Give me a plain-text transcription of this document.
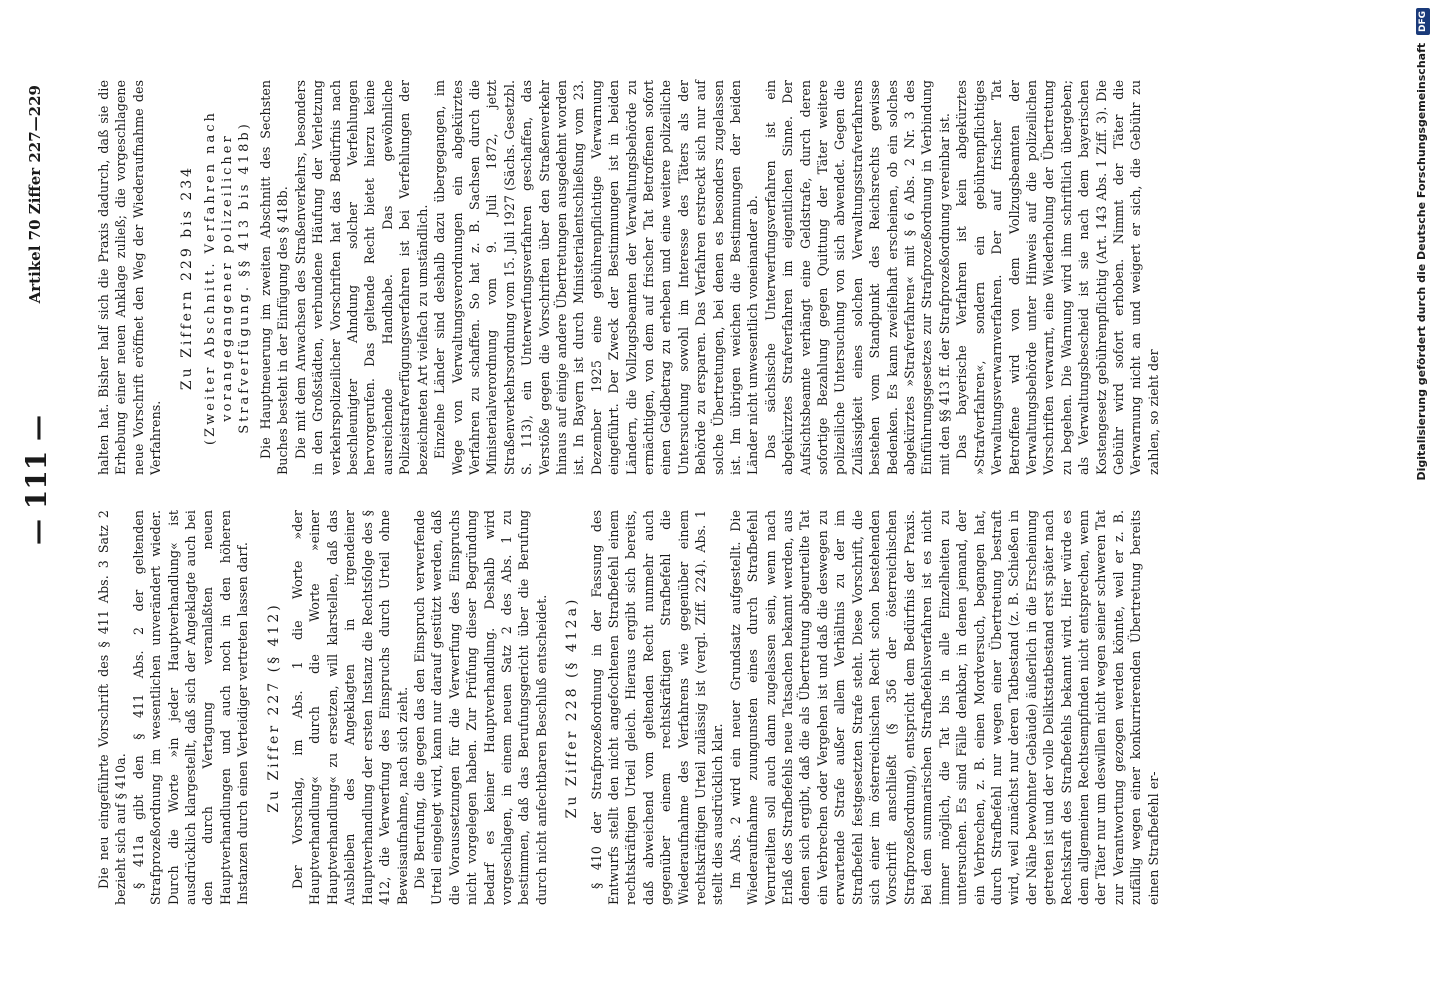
— 111 —
Artikel 70 Ziffer 227—229

Die neu eingeführte Vorschrift des § 411 Abs. 3 Satz 2 bezieht sich auf § 410a. § 411a gibt den § 411 Abs. 2 der geltenden Strafprozeßordnung im wesentlichen unverändert wieder. Durch die Worte »in jeder Hauptverhandlung« ist ausdrücklich klargestellt, daß sich der Angeklagte auch bei den durch Vertagung veranlaßten neuen Hauptverhandlungen und auch noch in den höheren Instanzen durch einen Verteidiger vertreten lassen darf. Zu Ziffer 227 (§ 412) Der Vorschlag, im Abs. 1 die Worte »der Hauptverhandlung« durch die Worte »einer Hauptverhandlung« zu ersetzen, will klarstellen, daß das Ausbleiben des Angeklagten in irgendeiner Hauptverhandlung der ersten Instanz die Rechtsfolge des § 412, die Verwerfung des Einspruchs durch Urteil ohne Beweisaufnahme, nach sich zieht. Die Berufung, die gegen das den Einspruch verwerfende Urteil eingelegt wird, kann nur darauf gestützt werden, daß die Voraussetzungen für die Verwerfung des Einspruchs nicht vorgelegen haben. Zur Prüfung dieser Begründung bedarf es keiner Hauptverhandlung. Deshalb wird vorgeschlagen, in einem neuen Satz 2 des Abs. 1 zu bestimmen, daß das Berufungsgericht über die Berufung durch nicht anfechtbaren Beschluß entscheidet. Zu Ziffer 228 (§ 412a) § 410 der Strafprozeßordnung in der Fassung des Entwurfs stellt den nicht angefochtenen Strafbefehl einem rechtskräftigen Urteil gleich. Hieraus ergibt sich bereits, daß abweichend vom geltenden Recht nunmehr auch gegenüber einem rechtskräftigen Strafbefehl die Wiederaufnahme des Verfahrens wie gegenüber einem rechtskräftigen Urteil zulässig ist (vergl. Ziff. 224). Abs. 1 stellt dies ausdrücklich klar. Im Abs. 2 wird ein neuer Grundsatz aufgestellt. Die Wiederaufnahme zuungunsten eines durch Strafbefehl Verurteilten soll auch dann zugelassen sein, wenn nach Erlaß des Strafbefehls neue Tatsachen bekannt werden, aus denen sich ergibt, daß die als Übertretung abgeurteilte Tat ein Verbrechen oder Vergehen ist und daß die deswegen zu erwartende Strafe außer allem Verhältnis zu der im Strafbefehl festgesetzten Strafe steht. Diese Vorschrift, die sich einer im österreichischen Recht schon bestehenden Vorschrift anschließt (§ 356 der österreichischen Strafprozeßordnung), entspricht dem Bedürfnis der Praxis. Bei dem summarischen Strafbefehlsverfahren ist es nicht immer möglich, die Tat bis in alle Einzelheiten zu untersuchen. Es sind Fälle denkbar, in denen jemand, der ein Verbrechen, z. B. einen Mordversuch, begangen hat, durch Strafbefehl nur wegen einer Übertretung bestraft wird, weil zunächst nur deren Tatbestand (z. B. Schießen in der Nähe bewohnter Gebäude) äußerlich in die Erscheinung getreten ist und der volle Deliktstatbestand erst später nach Rechtskraft des Strafbefehls bekannt wird. Hier würde es dem allgemeinen Rechtsempfinden nicht entsprechen, wenn der Täter nur um deswillen nicht wegen seiner schweren Tat zur Verantwortung gezogen werden könnte, weil er z. B. zufällig wegen einer konkurrierenden Übertretung bereits einen Strafbefehl er-

halten hat. Bisher half sich die Praxis dadurch, daß sie die Erhebung einer neuen Anklage zuließ; die vorgeschlagene neue Vorschrift eröffnet den Weg der Wiederaufnahme des Verfahrens.

Zu Ziffern 229 bis 234 (Zweiter Abschnitt. Verfahren nach vorangegangener polizeilicher Strafverfügung. §§ 413 bis 418b) Die Hauptneuerung im zweiten Abschnitt des Sechsten Buches besteht in der Einfügung des § 418b. Die mit dem Anwachsen des Straßenverkehrs, besonders in den Großstädten, verbundene Häufung der Verletzung verkehrspolizeilicher Vorschriften hat das Bedürfnis nach beschleunigter Ahndung solcher Verfehlungen hervorgerufen. Das geltende Recht bietet hierzu keine ausreichende Handhabe. Das gewöhnliche Polizeistrafverfügungsverfahren ist bei Verfehlungen der bezeichneten Art vielfach zu umständlich. Einzelne Länder sind deshalb dazu übergegangen, im Wege von Verwaltungsverordnungen ein abgekürztes Verfahren zu schaffen. So hat z. B. Sachsen durch die Ministerialverordnung vom 9. Juli 1872, jetzt Straßenverkehrsordnung vom 15. Juli 1927 (Sächs. Gesetzbl. S. 113), ein Unterwerfungsverfahren geschaffen, das Verstöße gegen die Vorschriften über den Straßenverkehr hinaus auf einige andere Übertretungen ausgedehnt worden ist. In Bayern ist durch Ministerialentschließung vom 23. Dezember 1925 eine gebührenpflichtige Verwarnung eingeführt. Der Zweck der Bestimmungen ist in beiden Ländern, die Vollzugsbeamten der Verwaltungsbehörde zu ermächtigen, von dem auf frischer Tat Betroffenen sofort einen Geldbetrag zu erheben und eine weitere polizeiliche Untersuchung sowohl im Interesse des Täters als der Behörde zu ersparen. Das Verfahren erstreckt sich nur auf solche Übertretungen, bei denen es besonders zugelassen ist. Im übrigen weichen die Bestimmungen der beiden Länder nicht unwesentlich voneinander ab. Das sächsische Unterwerfungsverfahren ist ein abgekürztes Strafverfahren im eigentlichen Sinne. Der Aufsichtsbeamte verhängt eine Geldstrafe, durch deren sofortige Bezahlung gegen Quittung der Täter weitere polizeiliche Untersuchung von sich abwendet. Gegen die Zulässigkeit eines solchen Verwaltungsstrafverfahrens bestehen vom Standpunkt des Reichsrechts gewisse Bedenken. Es kann zweifelhaft erscheinen, ob ein solches abgekürztes »Strafverfahren« mit § 6 Abs. 2 Nr. 3 des Einführungsgesetzes zur Strafprozeßordnung in Verbindung mit den §§ 413 ff. der Strafprozeßordnung vereinbar ist. Das bayerische Verfahren ist kein abgekürztes »Strafverfahren«, sondern ein gebührenpflichtiges Verwaltungsverwarnverfahren. Der auf frischer Tat Betroffene wird von dem Vollzugsbeamten der Verwaltungsbehörde unter Hinweis auf die polizeilichen Vorschriften verwarnt, eine Wiederholung der Übertretung zu begehen. Die Warnung wird ihm schriftlich übergeben; als Verwaltungsbescheid ist sie nach dem bayerischen Kostengesetz gebührenpflichtig (Art. 143 Abs. 1 Ziff. 3). Die Gebühr wird sofort erhoben. Nimmt der Täter die Verwarnung nicht an und weigert er sich, die Gebühr zu zahlen, so zieht der	Digitalisierung gefördert durch die Deutsche Forschungsgemeinschaft DFG
